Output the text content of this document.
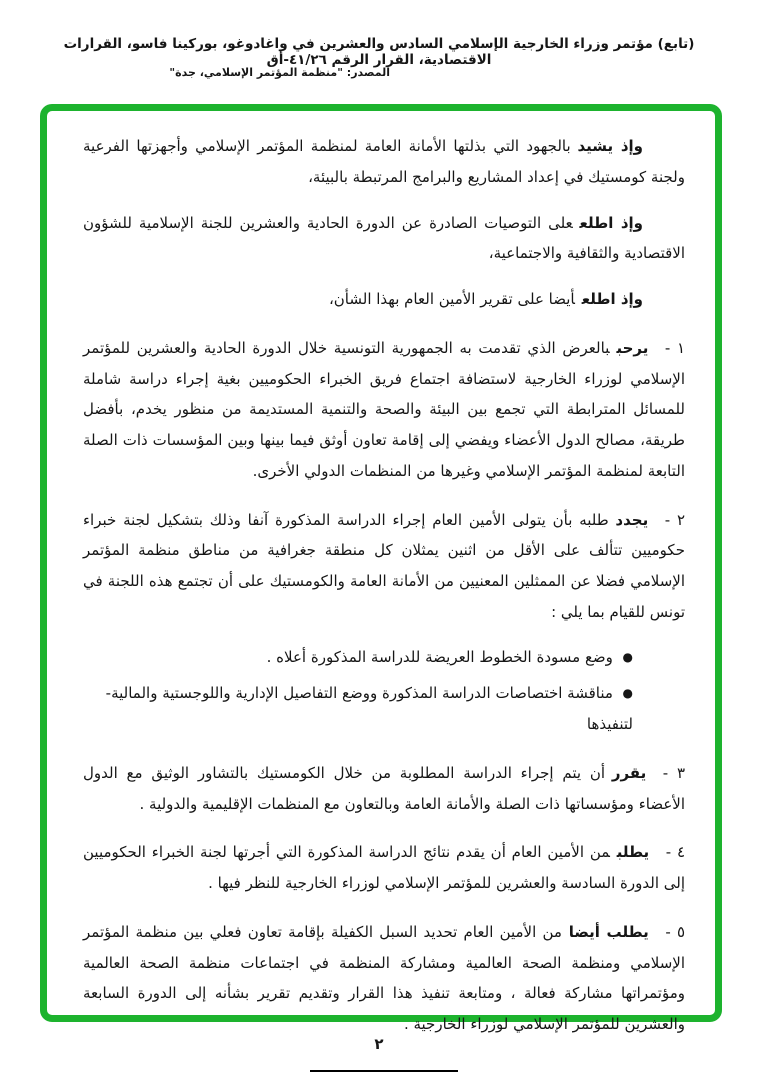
(تابع) مؤتمر وزراء الخارجية الإسلامي السادس والعشرين في واغادوغو، بوركينا فاسو، القرارات الاقتصادية، القرار الرقم ٤١/٢٦-أق
المصدر: "منظمة المؤتمر الإسلامي، جدة"

وإذ يشيدبالجهود التي بذلتها الأمانة العامة لمنظمة المؤتمر الإسلامي وأجهزتها الفرعية ولجنة كومستيك في إعداد المشاريع والبرامج المرتبطة بالبيئة،

وإذ اطلععلى التوصيات الصادرة عن الدورة الحادية والعشرين للجنة الإسلامية للشؤون الاقتصادية والثقافية والاجتماعية،

وإذ اطلعأيضا على تقرير الأمين العام بهذا الشأن،

١ -يرحببالعرض الذي تقدمت به الجمهورية التونسية خلال الدورة الحادية والعشرين للمؤتمر الإسلامي لوزراء الخارجية لاستضافة اجتماع فريق الخبراء الحكوميين بغية إجراء دراسة شاملة للمسائل المترابطة التي تجمع بين البيئة والصحة والتنمية المستديمة من منظور يخدم، بأفضل طريقة، مصالح الدول الأعضاء ويفضي إلى إقامة تعاون أوثق فيما بينها وبين المؤسسات ذات الصلة التابعة لمنظمة المؤتمر الإسلامي وغيرها من المنظمات الدولي الأخرى.

٢ -يجددطلبه بأن يتولى الأمين العام إجراء الدراسة المذكورة آنفا وذلك بتشكيل لجنة خبراء حكوميين تتألف على الأقل من اثنين يمثلان كل منطقة جغرافية من مناطق منظمة المؤتمر الإسلامي فضلا عن الممثلين المعنيين من الأمانة العامة والكومستيك على أن تجتمع هذه اللجنة في تونس للقيام بما يلي :

●وضع مسودة الخطوط العريضة للدراسة المذكورة أعلاه .
●مناقشة اختصاصات الدراسة المذكورة ووضع التفاصيل الإدارية واللوجستية والمالية-لتنفيذها

٣ -يقررأن يتم إجراء الدراسة المطلوبة من خلال الكومستيك بالتشاور الوثيق مع الدول الأعضاء ومؤسساتها ذات الصلة والأمانة العامة وبالتعاون مع المنظمات الإقليمية والدولية .

٤ -يطلبمن الأمين العام أن يقدم نتائج الدراسة المذكورة التي أجرتها لجنة الخبراء الحكوميين إلى الدورة السادسة والعشرين للمؤتمر الإسلامي لوزراء الخارجية للنظر فيها .

٥ -يطلب أيضامن الأمين العام تحديد السبل الكفيلة بإقامة تعاون فعلي بين منظمة المؤتمر الإسلامي ومنظمة الصحة العالمية ومشاركة المنظمة في اجتماعات منظمة الصحة العالمية ومؤتمراتها مشاركة فعالة ، ومتابعة تنفيذ هذا القرار وتقديم تقرير بشأنه إلى الدورة السابعة والعشرين للمؤتمر الإسلامي لوزراء الخارجية .

٢
